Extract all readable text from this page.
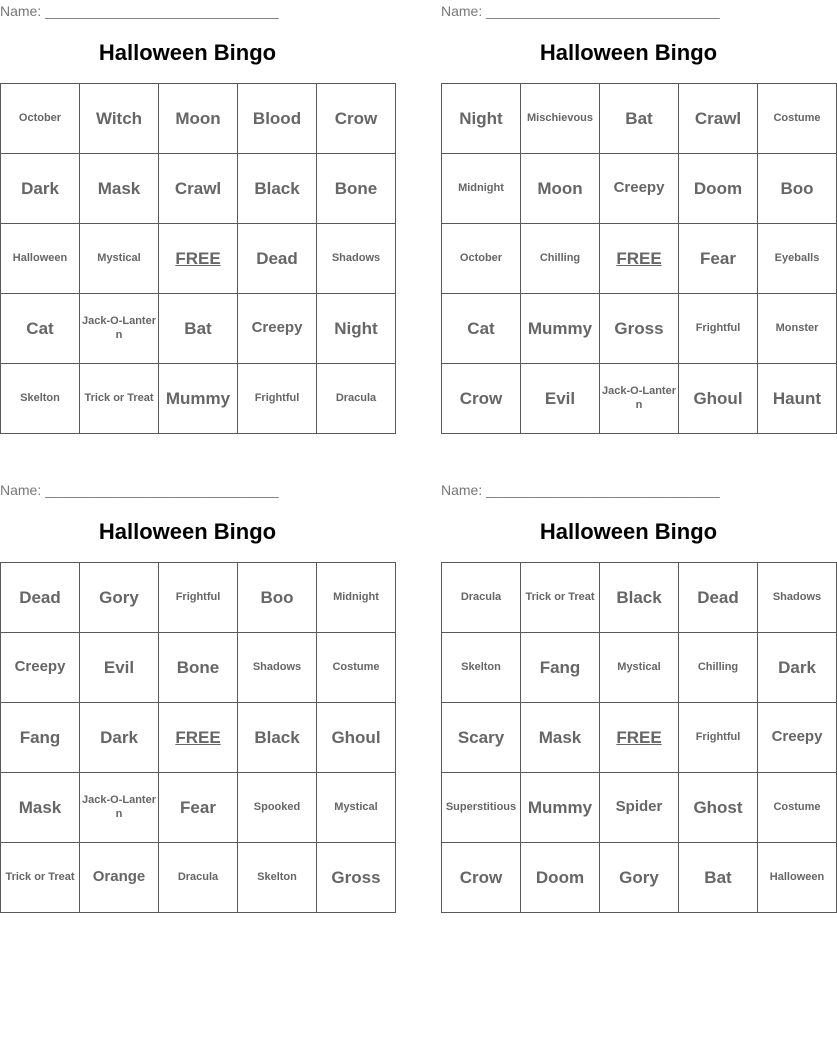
Name: ______________________________
Halloween Bingo
October	Witch	Moon	Blood	Crow
Dark	Mask	Crawl	Black	Bone
Halloween	Mystical	FREE	Dead	Shadows
Cat	Jack-O-Lantern	Bat	Creepy	Night
Skelton	Trick or Treat	Mummy	Frightful	Dracula
Name: ______________________________
Halloween Bingo
Night	Mischievous	Bat	Crawl	Costume
Midnight	Moon	Creepy	Doom	Boo
October	Chilling	FREE	Fear	Eyeballs
Cat	Mummy	Gross	Frightful	Monster
Crow	Evil	Jack-O-Lantern	Ghoul	Haunt
Name: ______________________________
Halloween Bingo
Dead	Gory	Frightful	Boo	Midnight
Creepy	Evil	Bone	Shadows	Costume
Fang	Dark	FREE	Black	Ghoul
Mask	Jack-O-Lantern	Fear	Spooked	Mystical
Trick or Treat	Orange	Dracula	Skelton	Gross
Name: ______________________________
Halloween Bingo
Dracula	Trick or Treat	Black	Dead	Shadows
Skelton	Fang	Mystical	Chilling	Dark
Scary	Mask	FREE	Frightful	Creepy
Superstitious	Mummy	Spider	Ghost	Costume
Crow	Doom	Gory	Bat	Halloween
